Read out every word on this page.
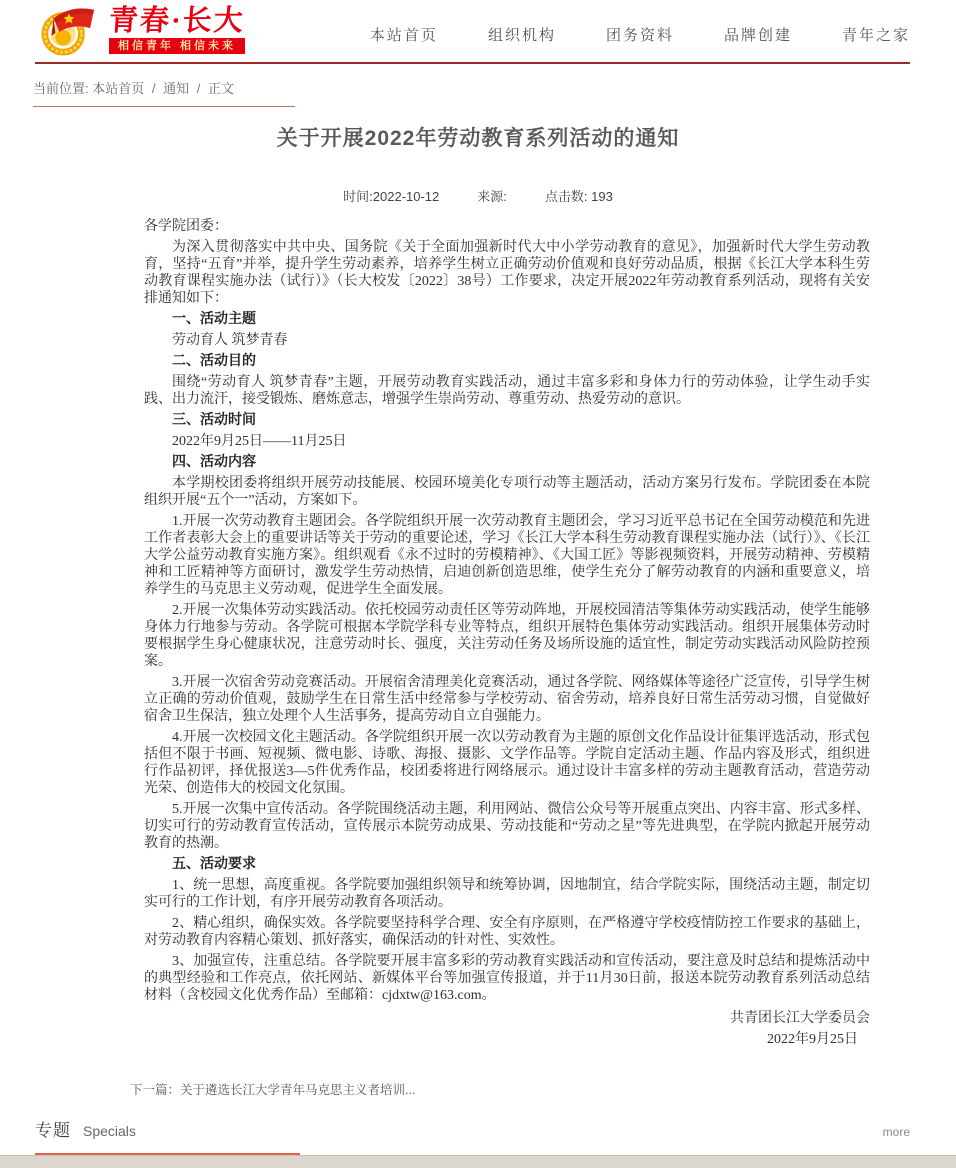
青春·长大
相信青年 相信未来
本站首页	组织机构	团务资料	品牌创建	青年之家
当前位置: 本站首页 / 通知 / 正文
关于开展2022年劳动教育系列活动的通知
时间:2022-10-12	来源:	点击数: 193

各学院团委：

为深入贯彻落实中共中央、国务院《关于全面加强新时代大中小学劳动教育的意见》，加强新时代大学生劳动教育，坚持“五育”并举，提升学生劳动素养，培养学生树立正确劳动价值观和良好劳动品质，根据《长江大学本科生劳动教育课程实施办法（试行）》（长大校发〔2022〕38号）工作要求，决定开展2022年劳动教育系列活动，现将有关安排通知如下：

一、活动主题

劳动育人 筑梦青春

二、活动目的

围绕“劳动育人 筑梦青春”主题，开展劳动教育实践活动，通过丰富多彩和身体力行的劳动体验，让学生动手实践、出力流汗，接受锻炼、磨炼意志，增强学生崇尚劳动、尊重劳动、热爱劳动的意识。

三、活动时间

2022年9月25日——11月25日

四、活动内容

本学期校团委将组织开展劳动技能展、校园环境美化专项行动等主题活动，活动方案另行发布。学院团委在本院组织开展“五个一”活动，方案如下。

1.开展一次劳动教育主题团会。各学院组织开展一次劳动教育主题团会，学习习近平总书记在全国劳动模范和先进工作者表彰大会上的重要讲话等关于劳动的重要论述，学习《长江大学本科生劳动教育课程实施办法（试行）》、《长江大学公益劳动教育实施方案》。组织观看《永不过时的劳模精神》、《大国工匠》等影视频资料，开展劳动精神、劳模精神和工匠精神等方面研讨，激发学生劳动热情，启迪创新创造思维，使学生充分了解劳动教育的内涵和重要意义，培养学生的马克思主义劳动观，促进学生全面发展。

2.开展一次集体劳动实践活动。依托校园劳动责任区等劳动阵地，开展校园清洁等集体劳动实践活动，使学生能够身体力行地参与劳动。各学院可根据本学院学科专业等特点，组织开展特色集体劳动实践活动。组织开展集体劳动时要根据学生身心健康状况，注意劳动时长、强度，关注劳动任务及场所设施的适宜性，制定劳动实践活动风险防控预案。

3.开展一次宿舍劳动竞赛活动。开展宿舍清理美化竞赛活动，通过各学院、网络媒体等途径广泛宣传，引导学生树立正确的劳动价值观，鼓励学生在日常生活中经常参与学校劳动、宿舍劳动，培养良好日常生活劳动习惯，自觉做好宿舍卫生保洁，独立处理个人生活事务，提高劳动自立自强能力。

4.开展一次校园文化主题活动。各学院组织开展一次以劳动教育为主题的原创文化作品设计征集评选活动，形式包括但不限于书画、短视频、微电影、诗歌、海报、摄影、文学作品等。学院自定活动主题、作品内容及形式，组织进行作品初评，择优报送3—5件优秀作品，校团委将进行网络展示。通过设计丰富多样的劳动主题教育活动，营造劳动光荣、创造伟大的校园文化氛围。

5.开展一次集中宣传活动。各学院围绕活动主题，利用网站、微信公众号等开展重点突出、内容丰富、形式多样、切实可行的劳动教育宣传活动，宣传展示本院劳动成果、劳动技能和“劳动之星”等先进典型，在学院内掀起开展劳动教育的热潮。

五、活动要求

1、统一思想，高度重视。各学院要加强组织领导和统筹协调，因地制宜，结合学院实际，围绕活动主题，制定切实可行的工作计划，有序开展劳动教育各项活动。

2、精心组织，确保实效。各学院要坚持科学合理、安全有序原则，在严格遵守学校疫情防控工作要求的基础上，对劳动教育内容精心策划、抓好落实，确保活动的针对性、实效性。

3、加强宣传，注重总结。各学院要开展丰富多彩的劳动教育实践活动和宣传活动，要注意及时总结和提炼活动中的典型经验和工作亮点，依托网站、新媒体平台等加强宣传报道，并于11月30日前，报送本院劳动教育系列活动总结材料（含校园文化优秀作品）至邮箱：cjdxtw@163.com。

共青团长江大学委员会

2022年9月25日

下一篇：关于遴选长江大学青年马克思主义者培训...
专题 Specials	more
